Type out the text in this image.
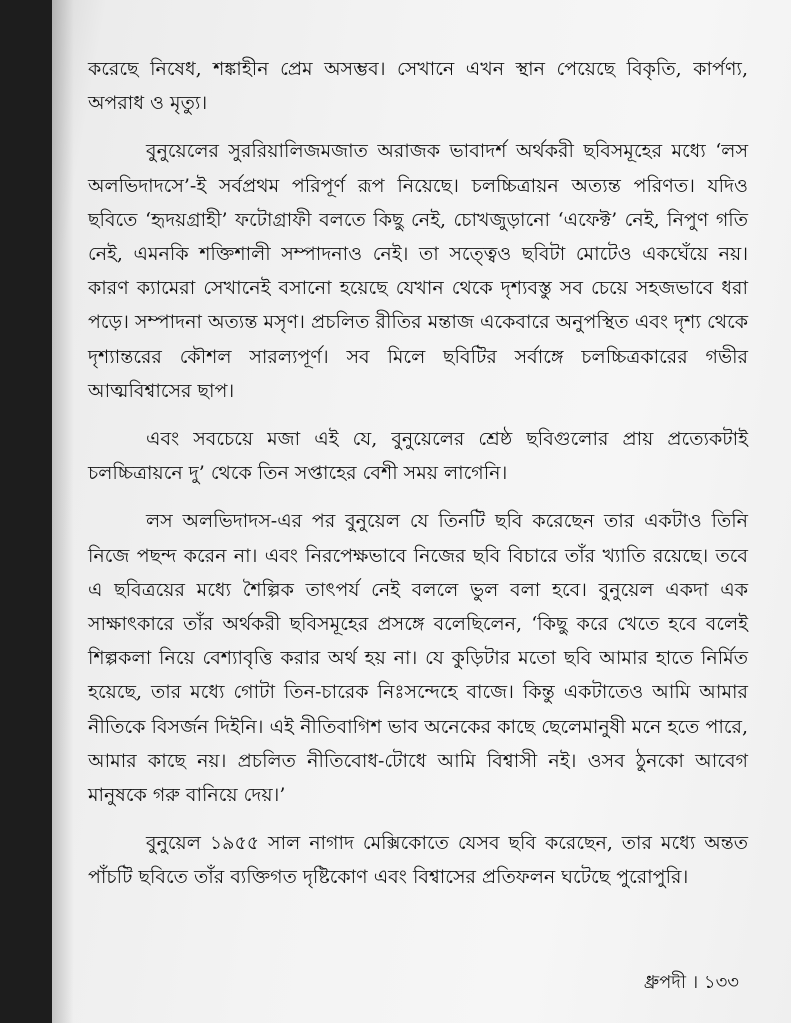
করেছে নিষেধ, শঙ্কাহীন প্রেম অসম্ভব। সেখানে এখন স্থান পেয়েছে বিকৃতি, কার্পণ্য, অপরাধ ও মৃত্যু।

বুনুয়েলের সুররিয়ালিজমজাত অরাজক ভাবাদর্শ অর্থকরী ছবিসমূহের মধ্যে ‘লস অলভিদাদসে’-ই সর্বপ্রথম পরিপূর্ণ রূপ নিয়েছে। চলচ্চিত্রায়ন অত্যন্ত পরিণত। যদিও ছবিতে ‘হৃদয়গ্রাহী’ ফটোগ্রাফী বলতে কিছু নেই, চোখজুড়ানো ‘এফেক্ট’ নেই, নিপুণ গতি নেই, এমনকি শক্তিশালী সম্পাদনাও নেই। তা সত্ত্বেও ছবিটা মোটেও একঘেঁয়ে নয়। কারণ ক্যামেরা সেখানেই বসানো হয়েছে যেখান থেকে দৃশ্যবস্তু সব চেয়ে সহজভাবে ধরা পড়ে। সম্পাদনা অত্যন্ত মসৃণ। প্রচলিত রীতির মন্তাজ একেবারে অনুপস্থিত এবং দৃশ্য থেকে দৃশ্যান্তরের কৌশল সারল্যপূর্ণ। সব মিলে ছবিটির সর্বাঙ্গে চলচ্চিত্রকারের গভীর আত্মবিশ্বাসের ছাপ।

এবং সবচেয়ে মজা এই যে, বুনুয়েলের শ্রেষ্ঠ ছবিগুলোর প্রায় প্রত্যেকটাই চলচ্চিত্রায়নে দু’ থেকে তিন সপ্তাহের বেশী সময় লাগেনি।

লস অলভিদাদস-এর পর বুনুয়েল যে তিনটি ছবি করেছেন তার একটাও তিনি নিজে পছন্দ করেন না। এবং নিরপেক্ষভাবে নিজের ছবি বিচারে তাঁর খ্যাতি রয়েছে। তবে এ ছবিত্রয়ের মধ্যে শৈল্পিক তাৎপর্য নেই বললে ভুল বলা হবে। বুনুয়েল একদা এক সাক্ষাৎকারে তাঁর অর্থকরী ছবিসমূহের প্রসঙ্গে বলেছিলেন, ‘কিছু করে খেতে হবে বলেই শিল্পকলা নিয়ে বেশ্যাবৃত্তি করার অর্থ হয় না। যে কুড়িটার মতো ছবি আমার হাতে নির্মিত হয়েছে, তার মধ্যে গোটা তিন-চারেক নিঃসন্দেহে বাজে। কিন্তু একটাতেও আমি আমার নীতিকে বিসর্জন দিইনি। এই নীতিবাগিশ ভাব অনেকের কাছে ছেলেমানুষী মনে হতে পারে, আমার কাছে নয়। প্রচলিত নীতিবোধ-টোধে আমি বিশ্বাসী নই। ওসব ঠুনকো আবেগ মানুষকে গরু বানিয়ে দেয়।’

বুনুয়েল ১৯৫৫ সাল নাগাদ মেক্সিকোতে যেসব ছবি করেছেন, তার মধ্যে অন্তত পাঁচটি ছবিতে তাঁর ব্যক্তিগত দৃষ্টিকোণ এবং বিশ্বাসের প্রতিফলন ঘটেছে পুরোপুরি।

ধ্রুপদী । ১৩৩
